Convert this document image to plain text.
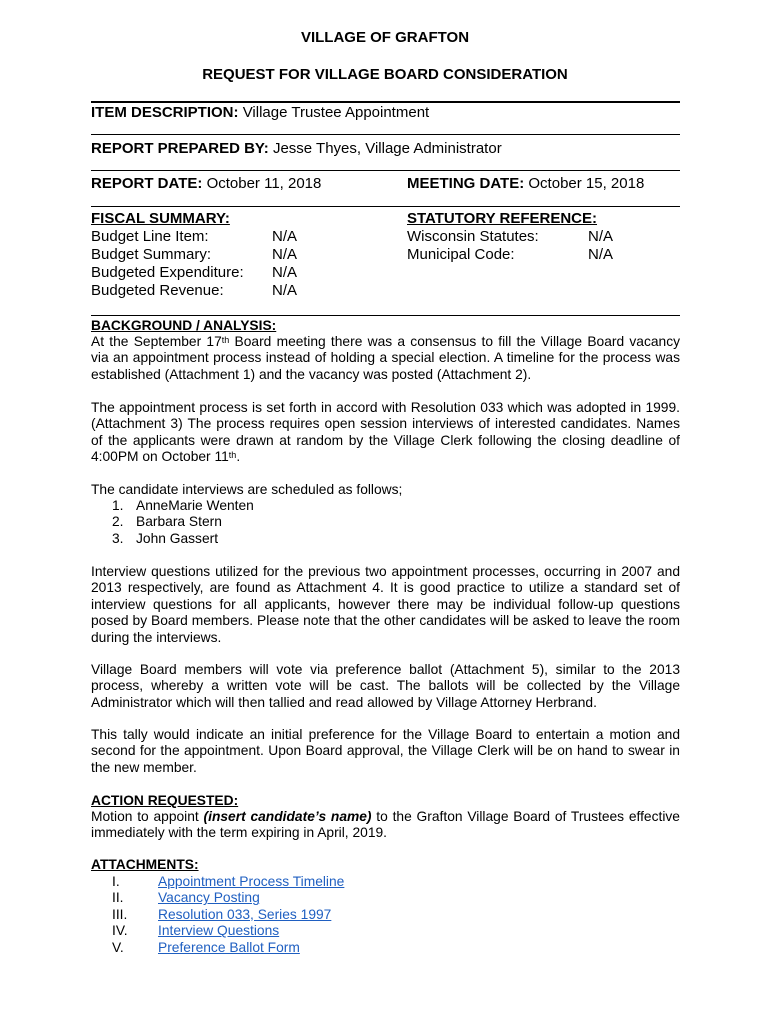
VILLAGE OF GRAFTON
REQUEST FOR VILLAGE BOARD CONSIDERATION
ITEM DESCRIPTION: Village Trustee Appointment
REPORT PREPARED BY: Jesse Thyes, Village Administrator
REPORT DATE: October 11, 2018	MEETING DATE: October 15, 2018
FISCAL SUMMARY:
Budget Line Item:	N/A
Budget Summary:	N/A
Budgeted Expenditure: N/A
Budgeted Revenue:	N/A
STATUTORY REFERENCE:
Wisconsin Statutes:	N/A
Municipal Code:	N/A
BACKGROUND / ANALYSIS:
At the September 17th Board meeting there was a consensus to fill the Village Board vacancy via an appointment process instead of holding a special election. A timeline for the process was established (Attachment 1) and the vacancy was posted (Attachment 2).
The appointment process is set forth in accord with Resolution 033 which was adopted in 1999. (Attachment 3) The process requires open session interviews of interested candidates. Names of the applicants were drawn at random by the Village Clerk following the closing deadline of 4:00PM on October 11th.
The candidate interviews are scheduled as follows;
1. AnneMarie Wenten
2. Barbara Stern
3. John Gassert
Interview questions utilized for the previous two appointment processes, occurring in 2007 and 2013 respectively, are found as Attachment 4. It is good practice to utilize a standard set of interview questions for all applicants, however there may be individual follow-up questions posed by Board members. Please note that the other candidates will be asked to leave the room during the interviews.
Village Board members will vote via preference ballot (Attachment 5), similar to the 2013 process, whereby a written vote will be cast. The ballots will be collected by the Village Administrator which will then tallied and read allowed by Village Attorney Herbrand.
This tally would indicate an initial preference for the Village Board to entertain a motion and second for the appointment. Upon Board approval, the Village Clerk will be on hand to swear in the new member.
ACTION REQUESTED:
Motion to appoint (insert candidate’s name) to the Grafton Village Board of Trustees effective immediately with the term expiring in April, 2019.
ATTACHMENTS:
I.	Appointment Process Timeline
II.	Vacancy Posting
III. Resolution 033, Series 1997
IV. Interview Questions
V. Preference Ballot Form
